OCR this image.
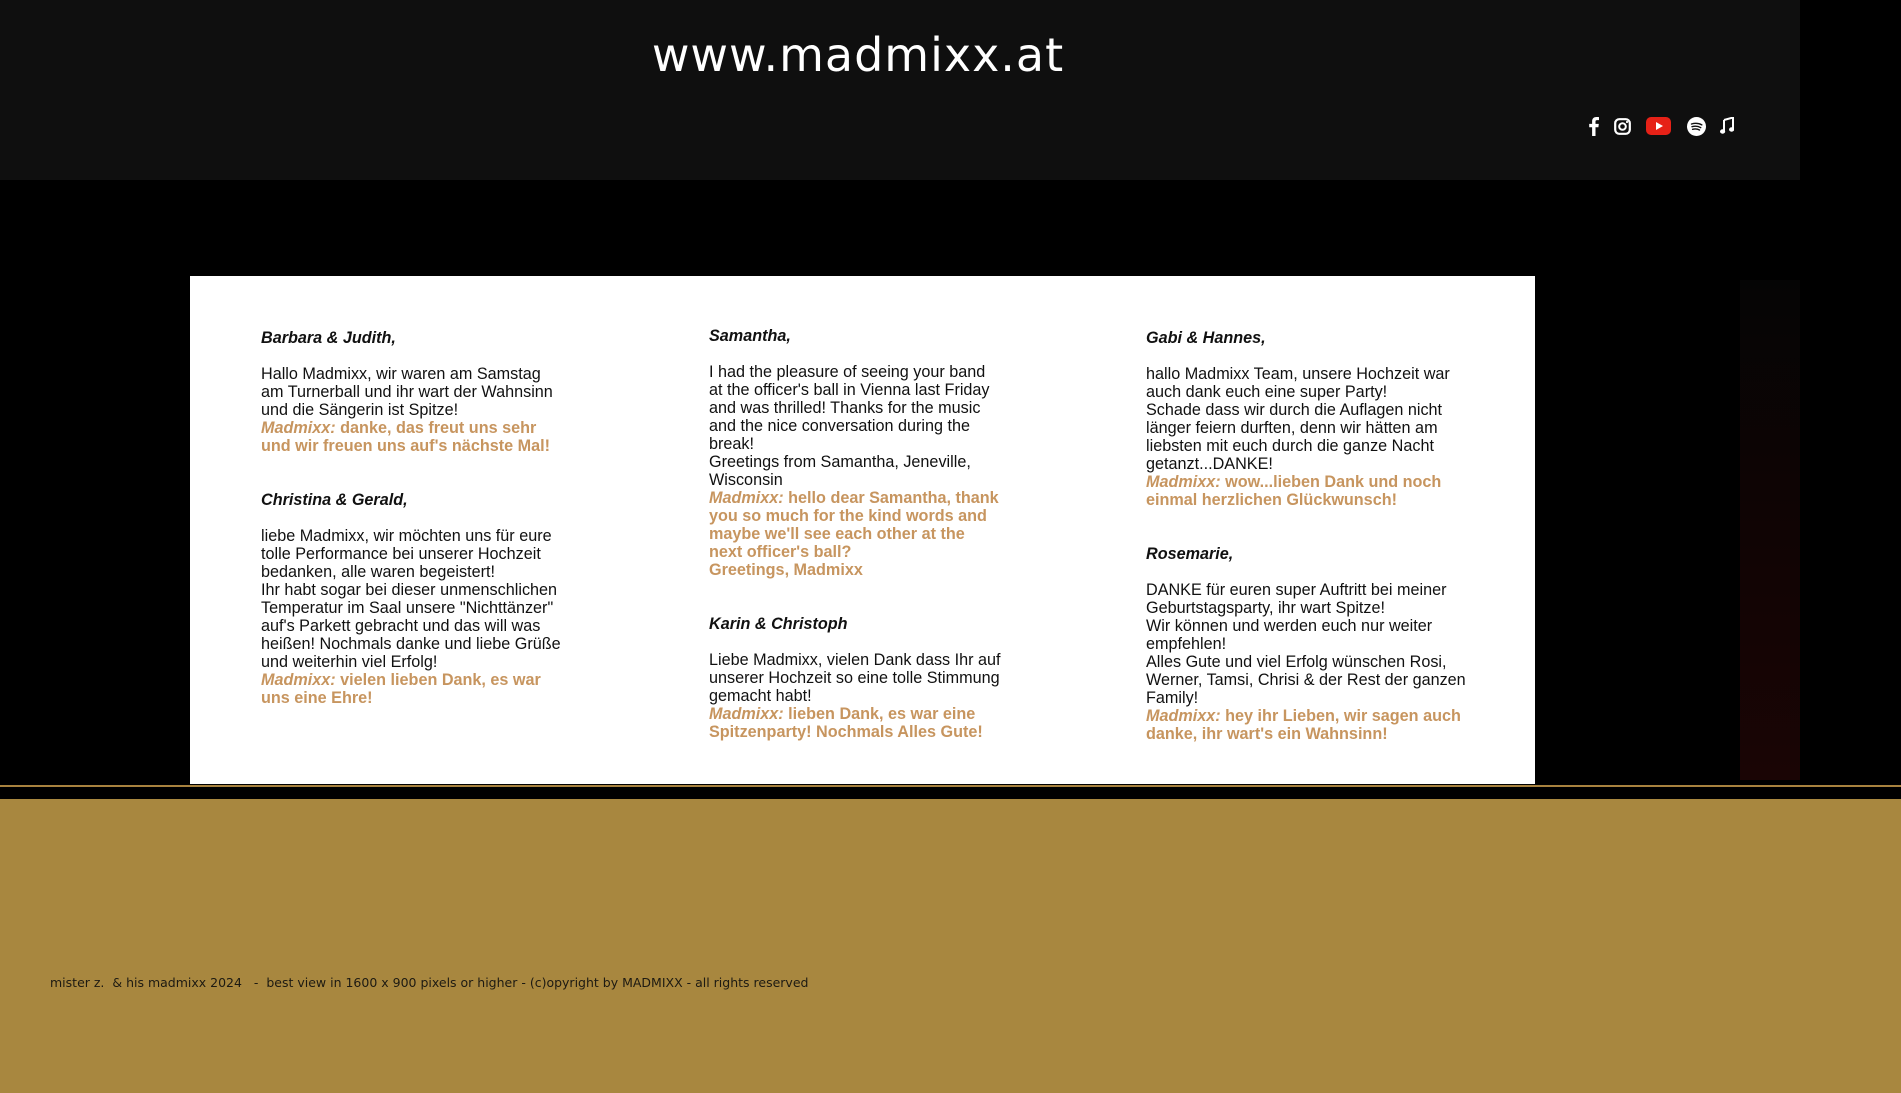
www.madmixx.at

Barbara & Judith,

Hallo Madmixx, wir waren am Samstag

am Turnerball und ihr wart der Wahnsinn

und die Sängerin ist Spitze!

Madmixx: danke, das freut uns sehr

und wir freuen uns auf's nächste Mal!

Christina & Gerald,

liebe Madmixx, wir möchten uns für eure

tolle Performance bei unserer Hochzeit

bedanken, alle waren begeistert!

Ihr habt sogar bei dieser unmenschlichen

Temperatur im Saal unsere "Nichttänzer"

auf's Parkett gebracht und das will was

heißen! Nochmals danke und liebe Grüße

und weiterhin viel Erfolg!

Madmixx: vielen lieben Dank, es war

uns eine Ehre!

Samantha,

I had the pleasure of seeing your band

at the officer's ball in Vienna last Friday

and was thrilled! Thanks for the music

and the nice conversation during the

break!

Greetings from Samantha, Jeneville,

Wisconsin

Madmixx: hello dear Samantha, thank

you so much for the kind words and

maybe we'll see each other at the

next officer's ball?

Greetings, Madmixx

Karin & Christoph

Liebe Madmixx, vielen Dank dass Ihr auf

unserer Hochzeit so eine tolle Stimmung

gemacht habt!

Madmixx: lieben Dank, es war eine

Spitzenparty! Nochmals Alles Gute!

Gabi & Hannes,

hallo Madmixx Team, unsere Hochzeit war

auch dank euch eine super Party!

Schade dass wir durch die Auflagen nicht

länger feiern durften, denn wir hätten am

liebsten mit euch durch die ganze Nacht

getanzt...DANKE!

Madmixx: wow...lieben Dank und noch

einmal herzlichen Glückwunsch!

Rosemarie,

DANKE für euren super Auftritt bei meiner

Geburtstagsparty, ihr wart Spitze!

Wir können und werden euch nur weiter

empfehlen!

Alles Gute und viel Erfolg wünschen Rosi,

Werner, Tamsi, Chrisi & der Rest der ganzen

Family!

Madmixx: hey ihr Lieben, wir sagen auch

danke, ihr wart's ein Wahnsinn!

mister z.  & his madmixx 2024   -  best view in 1600 x 900 pixels or higher - (c)opyright by MADMIXX - all rights reserved
